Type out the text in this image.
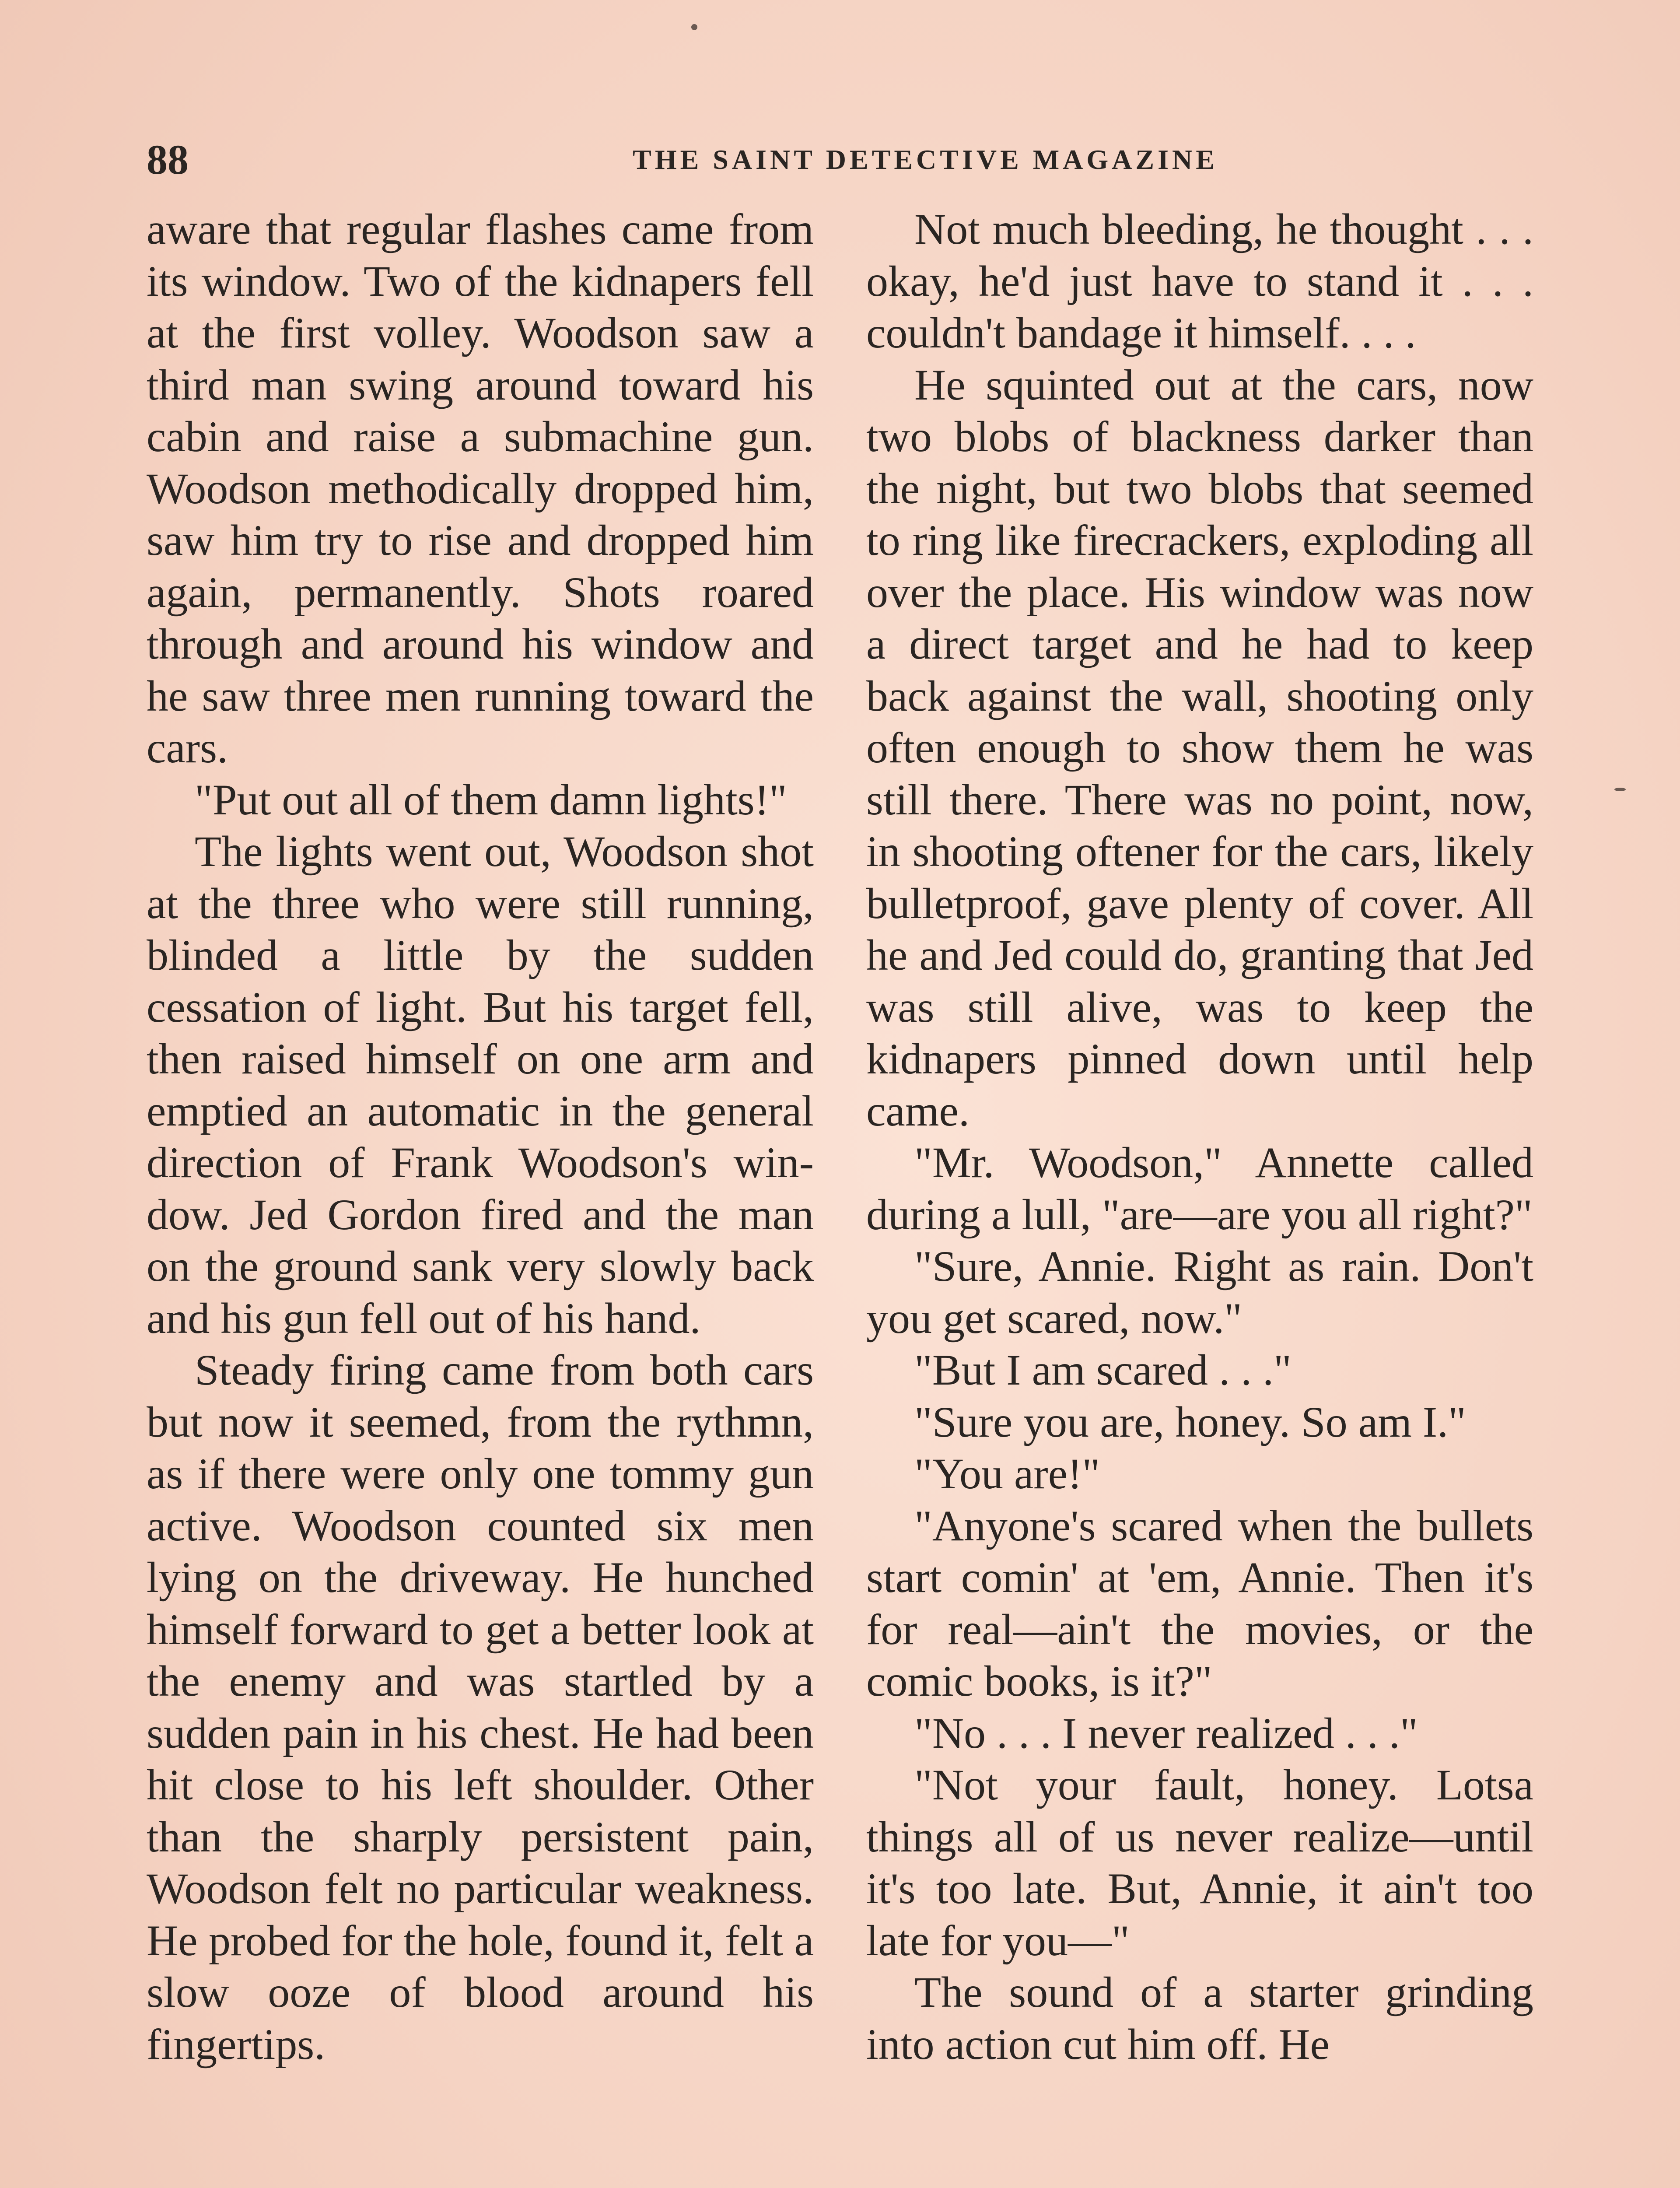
88	THE SAINT DETECTIVE MAGAZINE

aware that regular flashes came from its window. Two of the kidnapers fell at the first volley. Woodson saw a third man swing around toward his cabin and raise a submachine gun. Woodson methodically dropped him, saw him try to rise and dropped him again, permanently. Shots roared through and around his window and he saw three men running toward the cars.

"Put out all of them damn lights!"

The lights went out, Woodson shot at the three who were still running, blinded a little by the sudden cessation of light. But his target fell, then raised himself on one arm and emptied an automatic in the general direction of Frank Woodson's window. Jed Gordon fired and the man on the ground sank very slowly back and his gun fell out of his hand.

Steady firing came from both cars but now it seemed, from the rythmn, as if there were only one tommy gun active. Woodson counted six men lying on the driveway. He hunched himself forward to get a better look at the enemy and was startled by a sudden pain in his chest. He had been hit close to his left shoulder. Other than the sharply persistent pain, Woodson felt no particular weakness. He probed for the hole, found it, felt a slow ooze of blood around his fingertips.

Not much bleeding, he thought . . . okay, he'd just have to stand it . . . couldn't bandage it himself. . . .

He squinted out at the cars, now two blobs of blackness darker than the night, but two blobs that seemed to ring like firecrackers, exploding all over the place. His window was now a direct target and he had to keep back against the wall, shooting only often enough to show them he was still there. There was no point, now, in shooting oftener for the cars, likely bulletproof, gave plenty of cover. All he and Jed could do, granting that Jed was still alive, was to keep the kidnapers pinned down until help came.

"Mr. Woodson," Annette called during a lull, "are—are you all right?"

"Sure, Annie. Right as rain. Don't you get scared, now."

"But I am scared . . ."

"Sure you are, honey. So am I."

"You are!"

"Anyone's scared when the bullets start comin' at 'em, Annie. Then it's for real—ain't the movies, or the comic books, is it?"

"No . . . I never realized . . ."

"Not your fault, honey. Lotsa things all of us never realize—until it's too late. But, Annie, it ain't too late for you—"

The sound of a starter grinding into action cut him off. He
